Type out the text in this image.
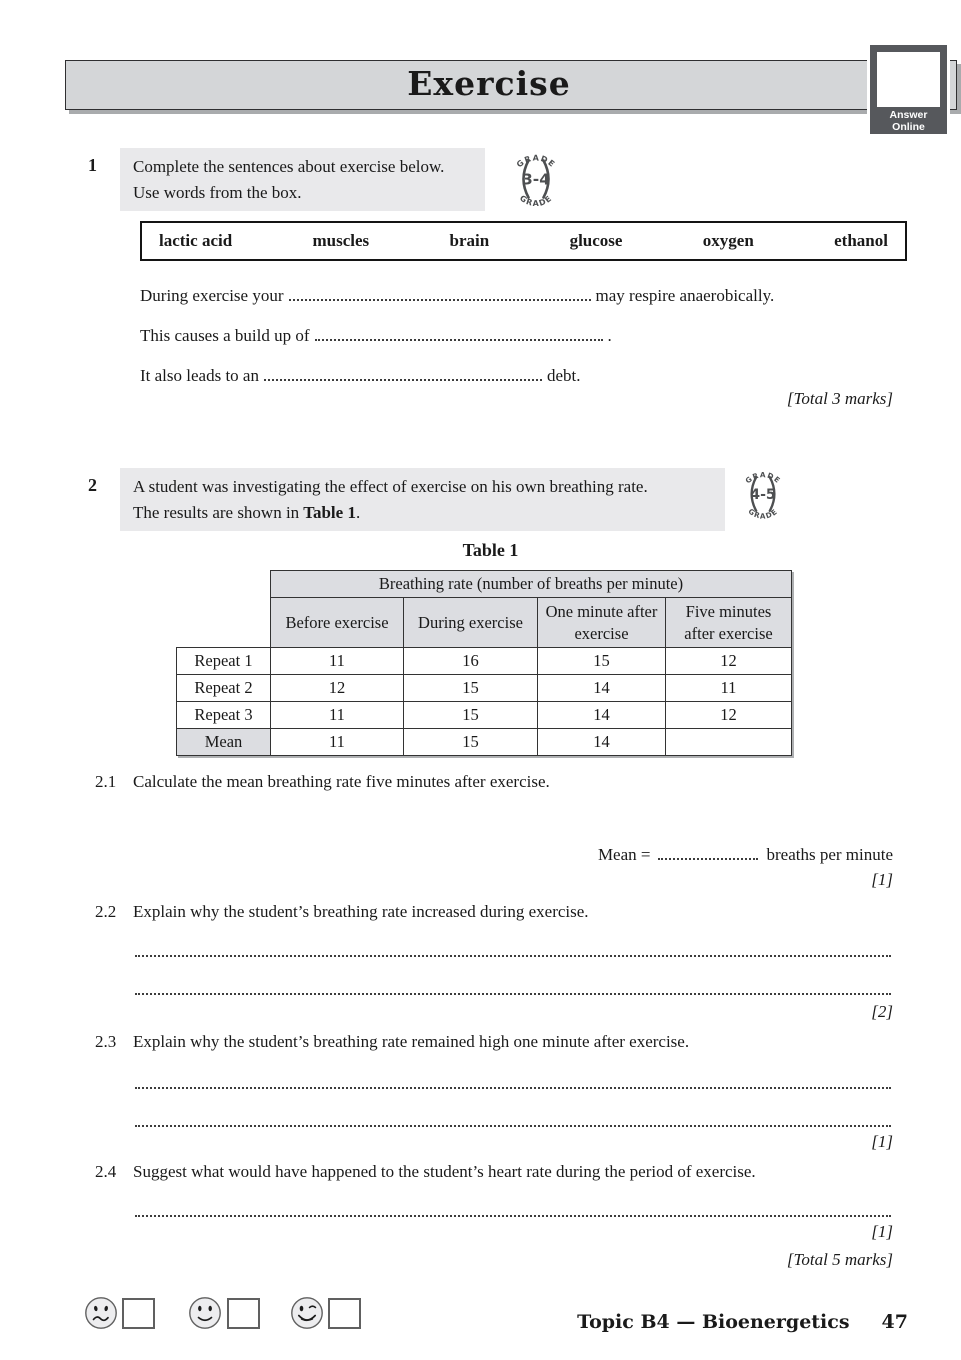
Exercise
Answer
Online
1 Complete the sentences about exercise below.
Use words from the box.
GRADE
GRADE
3-4
lactic acid	muscles	brain	glucose	oxygen	ethanol
During exercise your	may respire anaerobically.
This causes a build up of	.
It also leads to an	debt.
[Total 3 marks]
2 A student was investigating the effect of exercise on his own breathing rate.
The results are shown in Table 1.
GRADE
GRADE
4-5
Table 1
	Breathing rate (number of breaths per minute)			
	Before exercise	During exercise	One minute after exercise	Five minutes after exercise
Repeat 1	11	16	15	12
Repeat 2	12	15	14	11
Repeat 3	11	15	14	12
Mean	11	15	14	
2.1 Calculate the mean breathing rate five minutes after exercise.
Mean =	breaths per minute
[1]
2.2 Explain why the student’s breathing rate increased during exercise.
[2]
2.3 Explain why the student’s breathing rate remained high one minute after exercise.
[1]
2.4 Suggest what would have happened to the student’s heart rate during the period of exercise.
[1]
[Total 5 marks]
Topic B4 — Bioenergetics 47
